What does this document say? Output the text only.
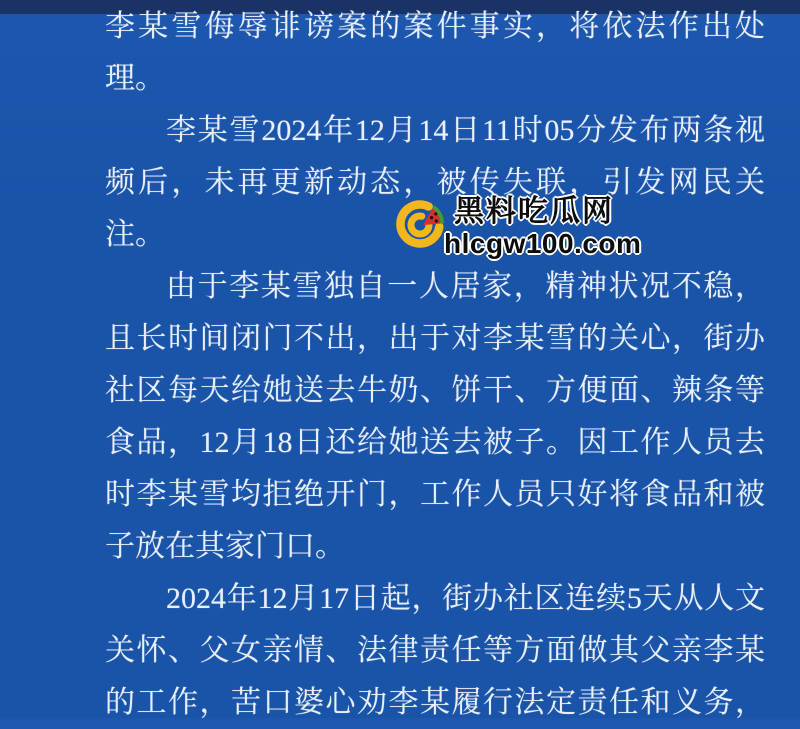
李某雪侮辱诽谤案的案件事实，将依法作出处
理。
李某雪2024年12月14日11时05分发布两条视
频后，未再更新动态，被传失联，引发网民关
注。
由于李某雪独自一人居家，精神状况不稳，
且长时间闭门不出，出于对李某雪的关心，街办
社区每天给她送去牛奶、饼干、方便面、辣条等
食品，12月18日还给她送去被子。因工作人员去
时李某雪均拒绝开门，工作人员只好将食品和被
子放在其家门口。
2024年12月17日起，街办社区连续5天从人文
关怀、父女亲情、法律责任等方面做其父亲李某
的工作，苦口婆心劝李某履行法定责任和义务，
黑料吃瓜网
hlcgw100.com
